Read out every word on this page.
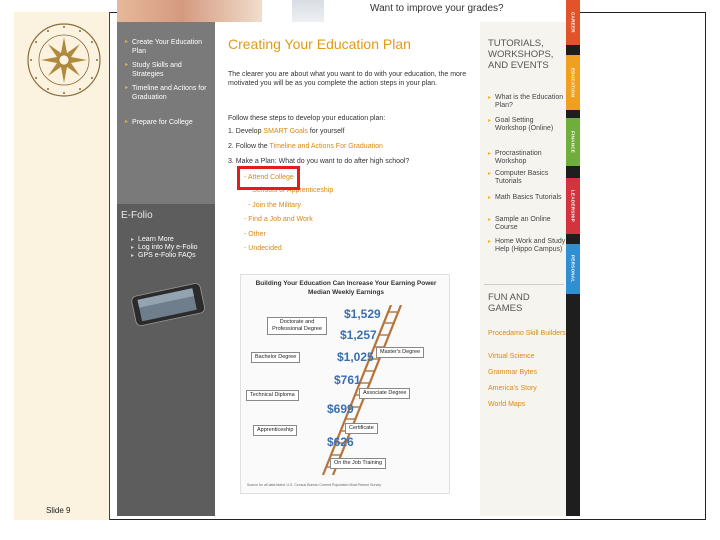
Slide 9
Want to improve your grades?
▸ Create Your Education Plan
▸ Study Skills and Strategies
▸ Timeline and Actions for Graduation
▸ Prepare for College
E-Folio
▸ Learn More
▸ Log into My e-Folio
▸ GPS e-Folio FAQs
Creating Your Education Plan
The clearer you are about what you want to do with your education, the more motivated you will be as you complete the action steps in your plan.
Follow these steps to develop your education plan:
1. Develop SMART Goals for yourself
2. Follow the Timeline and Actions For Graduation
3. Make a Plan: What do you want to do after high school?
- Attend College
- Schools or Apprenticeship
- Join the Military
- Find a Job and Work
- Other
- Undecided
Building Your Education Can Increase Your Earning Power
Median Weekly Earnings
$1,529
$1,257
$1,025
$761
$699
$626
Doctorate and Professional Degree
Master's Degree
Bachelor Degree
Associate Degree
Technical Diploma
Certificate
Apprenticeship
On the Job Training
Source for all data listed: U.S. Census Bureau Current Population Most Recent Survey
TUTORIALS, WORKSHOPS, AND EVENTS
▸ What is the Education Plan?
▸ Goal Setting Workshop (Online)
▸ Procrastination Workshop
▸ Computer Basics Tutorials
▸ Math Basics Tutorials
▸ Sample an Online Course
▸ Home Work and Study Help (Hippo Campus)
FUN AND GAMES
Procedamo Skill Builders
Virtual Science
Grammar Bytes
America's Story
World Maps
CAREER
EDUCATION
FINANCE
LEADERSHIP
PERSONAL
